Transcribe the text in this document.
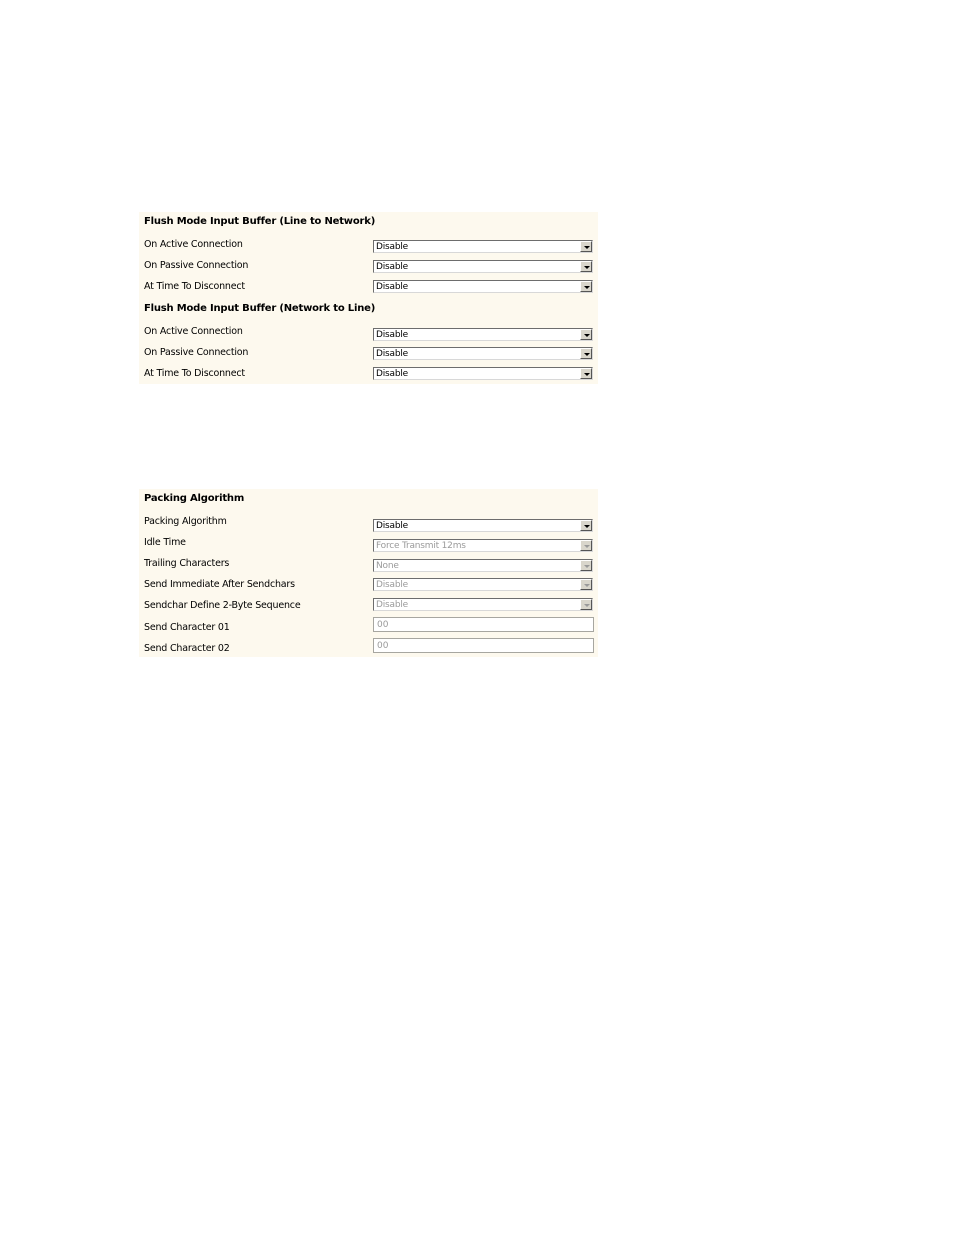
Flush Mode Input Buffer (Line to Network)
On Active Connection	Disable
On Passive Connection	Disable
At Time To Disconnect	Disable
Flush Mode Input Buffer (Network to Line)
On Active Connection	Disable
On Passive Connection	Disable
At Time To Disconnect	Disable
Packing Algorithm
Packing Algorithm	Disable
Idle Time	Force Transmit 12ms
Trailing Characters	None
Send Immediate After Sendchars	Disable
Sendchar Define 2-Byte Sequence	Disable
Send Character 01	00
Send Character 02	00
